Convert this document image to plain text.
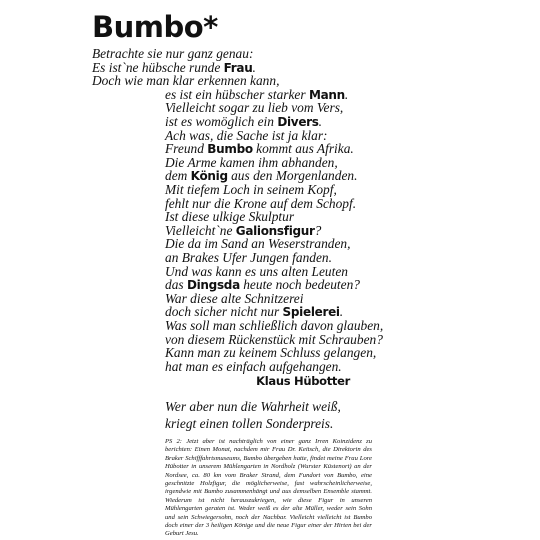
Bumbo*
Betrachte sie nur ganz genau:
Es ist`ne hübsche runde Frau.
Doch wie man klar erkennen kann,
es ist ein hübscher starker Mann.
Vielleicht sogar zu lieb vom Vers,
ist es womöglich ein Divers.
Ach was, die Sache ist ja klar:
Freund Bumbo kommt aus Afrika.
Die Arme kamen ihm abhanden,
dem König aus den Morgenlanden.
Mit tiefem Loch in seinem Kopf,
fehlt nur die Krone auf dem Schopf.
Ist diese ulkige Skulptur
Vielleicht`ne Galionsfigur?
Die da im Sand an Weserstranden,
an Brakes Ufer Jungen fanden.
Und was kann es uns alten Leuten
das Dingsda heute noch bedeuten?
War diese alte Schnitzerei
doch sicher nicht nur Spielerei.
Was soll man schließlich davon glauben,
von diesem Rückenstück mit Schrauben?
Kann man zu keinem Schluss gelangen,
hat man es einfach aufgehangen.
Klaus Hübotter
Wer aber nun die Wahrheit weiß,
kriegt einen tollen Sonderpreis.
PS 2: Jetzt aber ist nachträglich von einer ganz Irren Koinzidenz zu berichten: Einen Monat, nachdem mir Frau Dr. Keitsch, die Direktorin des Braker Schifffahrtsmuseums, Bumbo übergeben hatte, findet meine Frau Lore Hübotter in unserem Mühlengarten in Nordholz (Wurster Küstenort) an der Nordsee, ca. 80 km vom Braker Strand, dem Fundort von Bumbo, eine geschnitzte Holzfigur, die möglicherweise, fast wahrscheinlicherweise, irgendwie mit Bumbo zusammenhängt und aus demselben Ensemble stammt. Wiederum ist nicht herauszukriegen, wie diese Figur in unseren Mühlengarten geraten ist. Weder weiß es der alte Müller, weder sein Sohn und sein Schwiegersohn, noch der Nachbar. Vielleicht vielleicht ist Bumbo doch einer der 3 heiligen Könige und die neue Figur einer der Hirten bei der Geburt Jesu.
